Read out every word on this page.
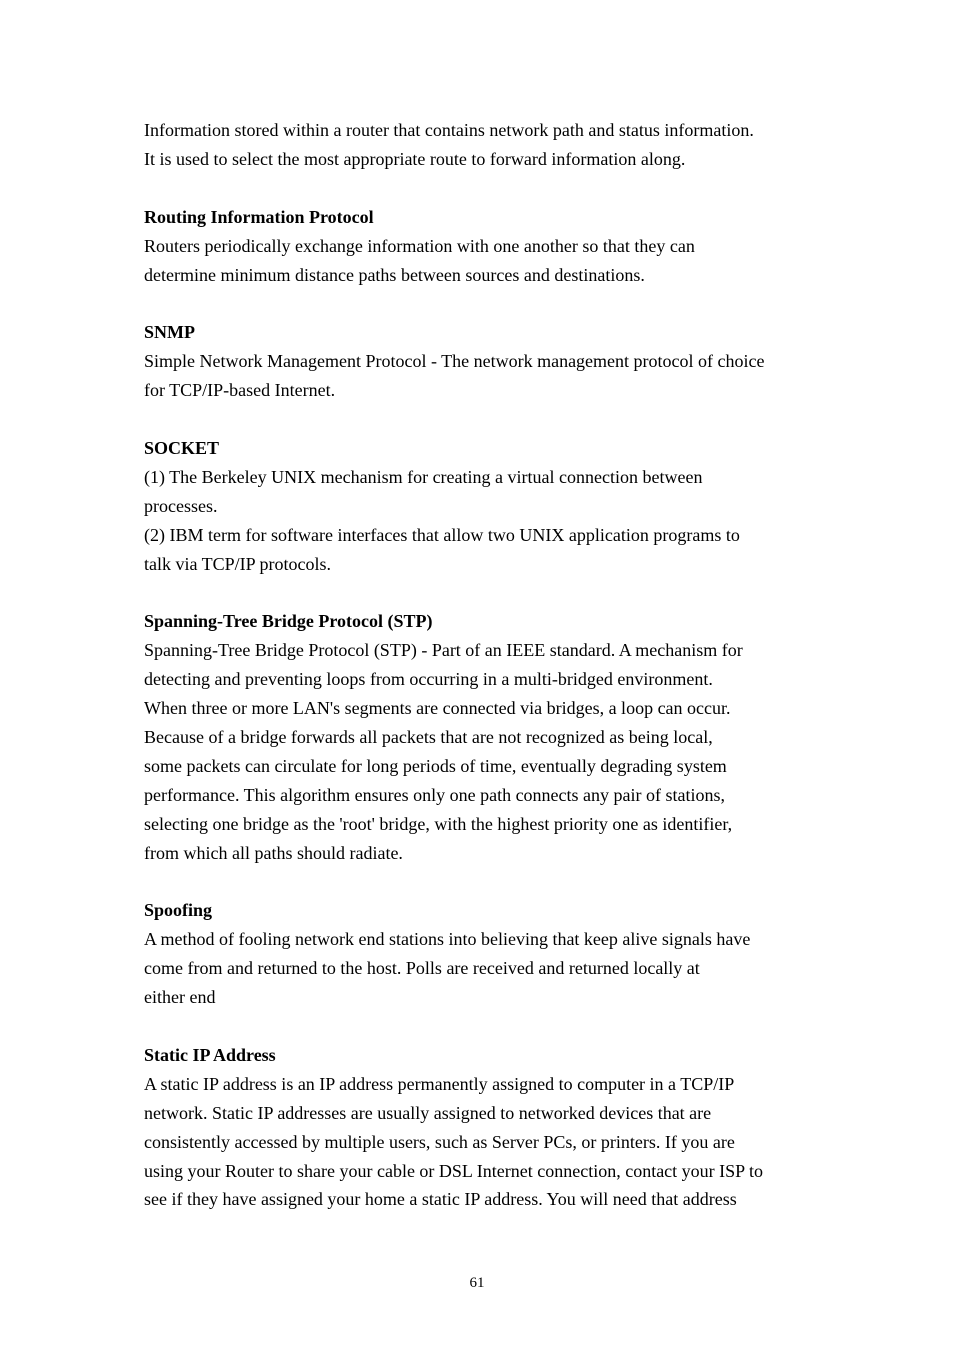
Information stored within a router that contains network path and status information.
It is used to select the most appropriate route to forward information along.
Routing Information Protocol
Routers periodically exchange information with one another so that they can
determine minimum distance paths between sources and destinations.
SNMP
Simple Network Management Protocol - The network management protocol of choice
for TCP/IP-based Internet.
SOCKET
(1) The Berkeley UNIX mechanism for creating a virtual connection between
processes.
(2) IBM term for software interfaces that allow two UNIX application programs to
talk via TCP/IP protocols.
Spanning-Tree Bridge Protocol (STP)
Spanning-Tree Bridge Protocol (STP) - Part of an IEEE standard. A mechanism for
detecting and preventing loops from occurring in a multi-bridged environment.
When three or more LAN's segments are connected via bridges, a loop can occur.
Because of a bridge forwards all packets that are not recognized as being local,
some packets can circulate for long periods of time, eventually degrading system
performance. This algorithm ensures only one path connects any pair of stations,
selecting one bridge as the 'root' bridge, with the highest priority one as identifier,
from which all paths should radiate.
Spoofing
A method of fooling network end stations into believing that keep alive signals have
come from and returned to the host. Polls are received and returned locally at
either end
Static IP Address
A static IP address is an IP address permanently assigned to computer in a TCP/IP
network. Static IP addresses are usually assigned to networked devices that are
consistently accessed by multiple users, such as Server PCs, or printers. If you are
using your Router to share your cable or DSL Internet connection, contact your ISP to
see if they have assigned your home a static IP address. You will need that address
61
